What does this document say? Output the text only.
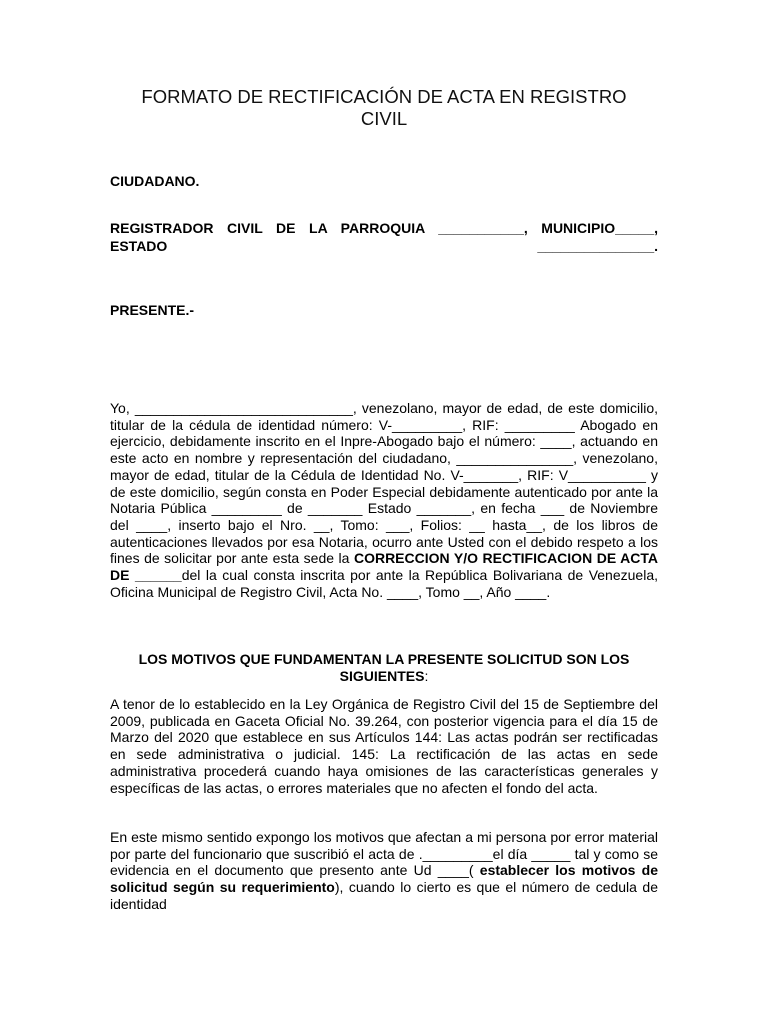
FORMATO DE RECTIFICACIÓN DE ACTA EN REGISTRO
CIVIL
CIUDADANO.
REGISTRADOR CIVIL DE LA PARROQUIA ___________, MUNICIPIO_____,
ESTADO	_______________.
PRESENTE.-
Yo, ____________________________, venezolano, mayor de edad, de este domicilio, titular de la cédula de identidad número: V-_________, RIF: _________ Abogado en ejercicio, debidamente inscrito en el Inpre-Abogado bajo el número: ____, actuando en este acto en nombre y representación del ciudadano, _______________, venezolano, mayor de edad, titular de la Cédula de Identidad No. V-_______, RIF: V__________ y de este domicilio, según consta en Poder Especial debidamente autenticado por ante la Notaria Pública _________ de _______ Estado _______, en fecha ___ de Noviembre del ____, inserto bajo el Nro. __, Tomo: ___, Folios: __ hasta__, de los libros de autenticaciones llevados por esa Notaria, ocurro ante Usted con el debido respeto a los fines de solicitar por ante esta sede la CORRECCION Y/O RECTIFICACION DE ACTA DE ______del la cual consta inscrita por ante la República Bolivariana de Venezuela, Oficina Municipal de Registro Civil, Acta No. ____, Tomo __, Año ____.
LOS MOTIVOS QUE FUNDAMENTAN LA PRESENTE SOLICITUD SON LOS SIGUIENTES:
A tenor de lo establecido en la Ley Orgánica de Registro Civil del 15 de Septiembre del 2009, publicada en Gaceta Oficial No. 39.264, con posterior vigencia para el día 15 de Marzo del 2020 que establece en sus Artículos 144: Las actas podrán ser rectificadas en sede administrativa o judicial. 145: La rectificación de las actas en sede administrativa procederá cuando haya omisiones de las características generales y específicas de las actas, o errores materiales que no afecten el fondo del acta.
En este mismo sentido expongo los motivos que afectan a mi persona por error material por parte del funcionario que suscribió el acta de ._________el día _____ tal y como se evidencia en el documento que presento ante Ud ____( establecer los motivos de solicitud según su requerimiento), cuando lo cierto es que el número de cedula de identidad
